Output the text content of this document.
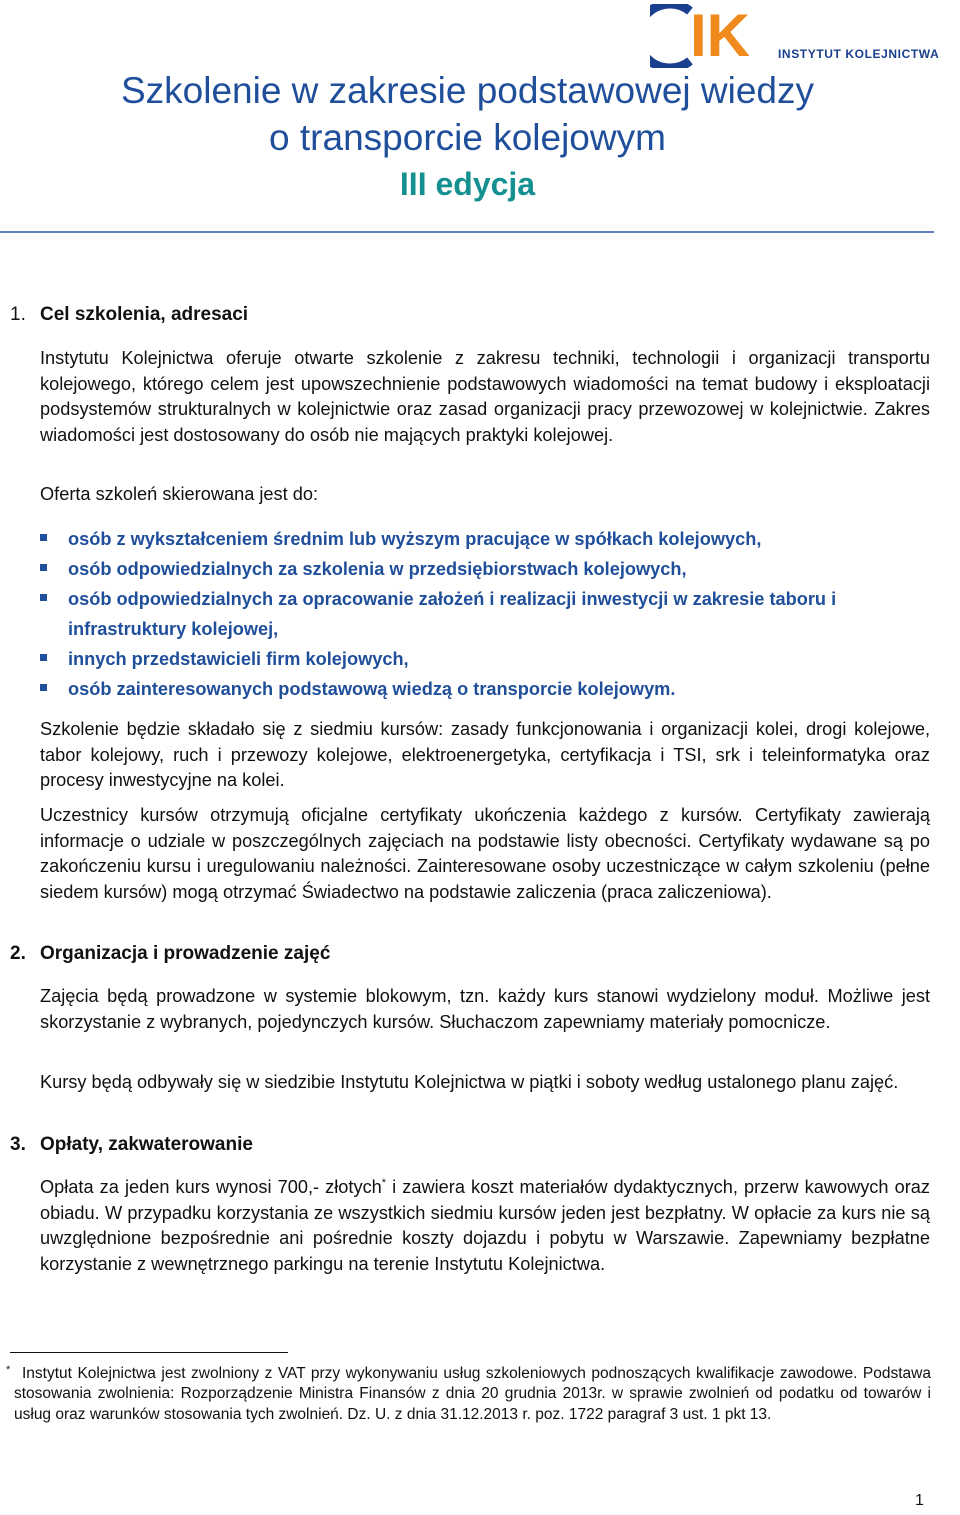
IK INSTYTUT KOLEJNICTWA
Szkolenie w zakresie podstawowej wiedzy
o transporcie kolejowym
III edycja
1. Cel szkolenia, adresaci
Instytutu Kolejnictwa oferuje otwarte szkolenie z zakresu techniki, technologii i organizacji transportu kolejowego, którego celem jest upowszechnienie podstawowych wiadomości na temat budowy i eksploatacji podsystemów strukturalnych w kolejnictwie oraz zasad organizacji pracy przewozowej w kolejnictwie. Zakres wiadomości jest dostosowany do osób nie mających praktyki kolejowej.
Oferta szkoleń skierowana jest do:
osób z wykształceniem średnim lub wyższym pracujące w spółkach kolejowych,
osób odpowiedzialnych za szkolenia w przedsiębiorstwach kolejowych,
osób odpowiedzialnych za opracowanie założeń i realizacji inwestycji w zakresie taboru i infrastruktury kolejowej,
innych przedstawicieli firm kolejowych,
osób zainteresowanych podstawową wiedzą o transporcie kolejowym.
Szkolenie będzie składało się z siedmiu kursów: zasady funkcjonowania i organizacji kolei, drogi kolejowe, tabor kolejowy, ruch i przewozy kolejowe, elektroenergetyka, certyfikacja i TSI, srk i teleinformatyka oraz procesy inwestycyjne na kolei.
Uczestnicy kursów otrzymują oficjalne certyfikaty ukończenia każdego z kursów. Certyfikaty zawierają informacje o udziale w poszczególnych zajęciach na podstawie listy obecności. Certyfikaty wydawane są po zakończeniu kursu i uregulowaniu należności. Zainteresowane osoby uczestniczące w całym szkoleniu (pełne siedem kursów) mogą otrzymać Świadectwo na podstawie zaliczenia (praca zaliczeniowa).
2. Organizacja i prowadzenie zajęć
Zajęcia będą prowadzone w systemie blokowym, tzn. każdy kurs stanowi wydzielony moduł. Możliwe jest skorzystanie z wybranych, pojedynczych kursów. Słuchaczom zapewniamy materiały pomocnicze.
Kursy będą odbywały się w siedzibie Instytutu Kolejnictwa w piątki i soboty według ustalonego planu zajęć.
3. Opłaty, zakwaterowanie
Opłata za jeden kurs wynosi 700,- złotych* i zawiera koszt materiałów dydaktycznych, przerw kawowych oraz obiadu. W przypadku korzystania ze wszystkich siedmiu kursów jeden jest bezpłatny. W opłacie za kurs nie są uwzględnione bezpośrednie ani pośrednie koszty dojazdu i pobytu w Warszawie. Zapewniamy bezpłatne korzystanie z wewnętrznego parkingu na terenie Instytutu Kolejnictwa.
* Instytut Kolejnictwa jest zwolniony z VAT przy wykonywaniu usług szkoleniowych podnoszących kwalifikacje zawodowe. Podstawa stosowania zwolnienia: Rozporządzenie Ministra Finansów z dnia 20 grudnia 2013r. w sprawie zwolnień od podatku od towarów i usług oraz warunków stosowania tych zwolnień. Dz. U. z dnia 31.12.2013 r. poz. 1722 paragraf 3 ust. 1 pkt 13.
1
